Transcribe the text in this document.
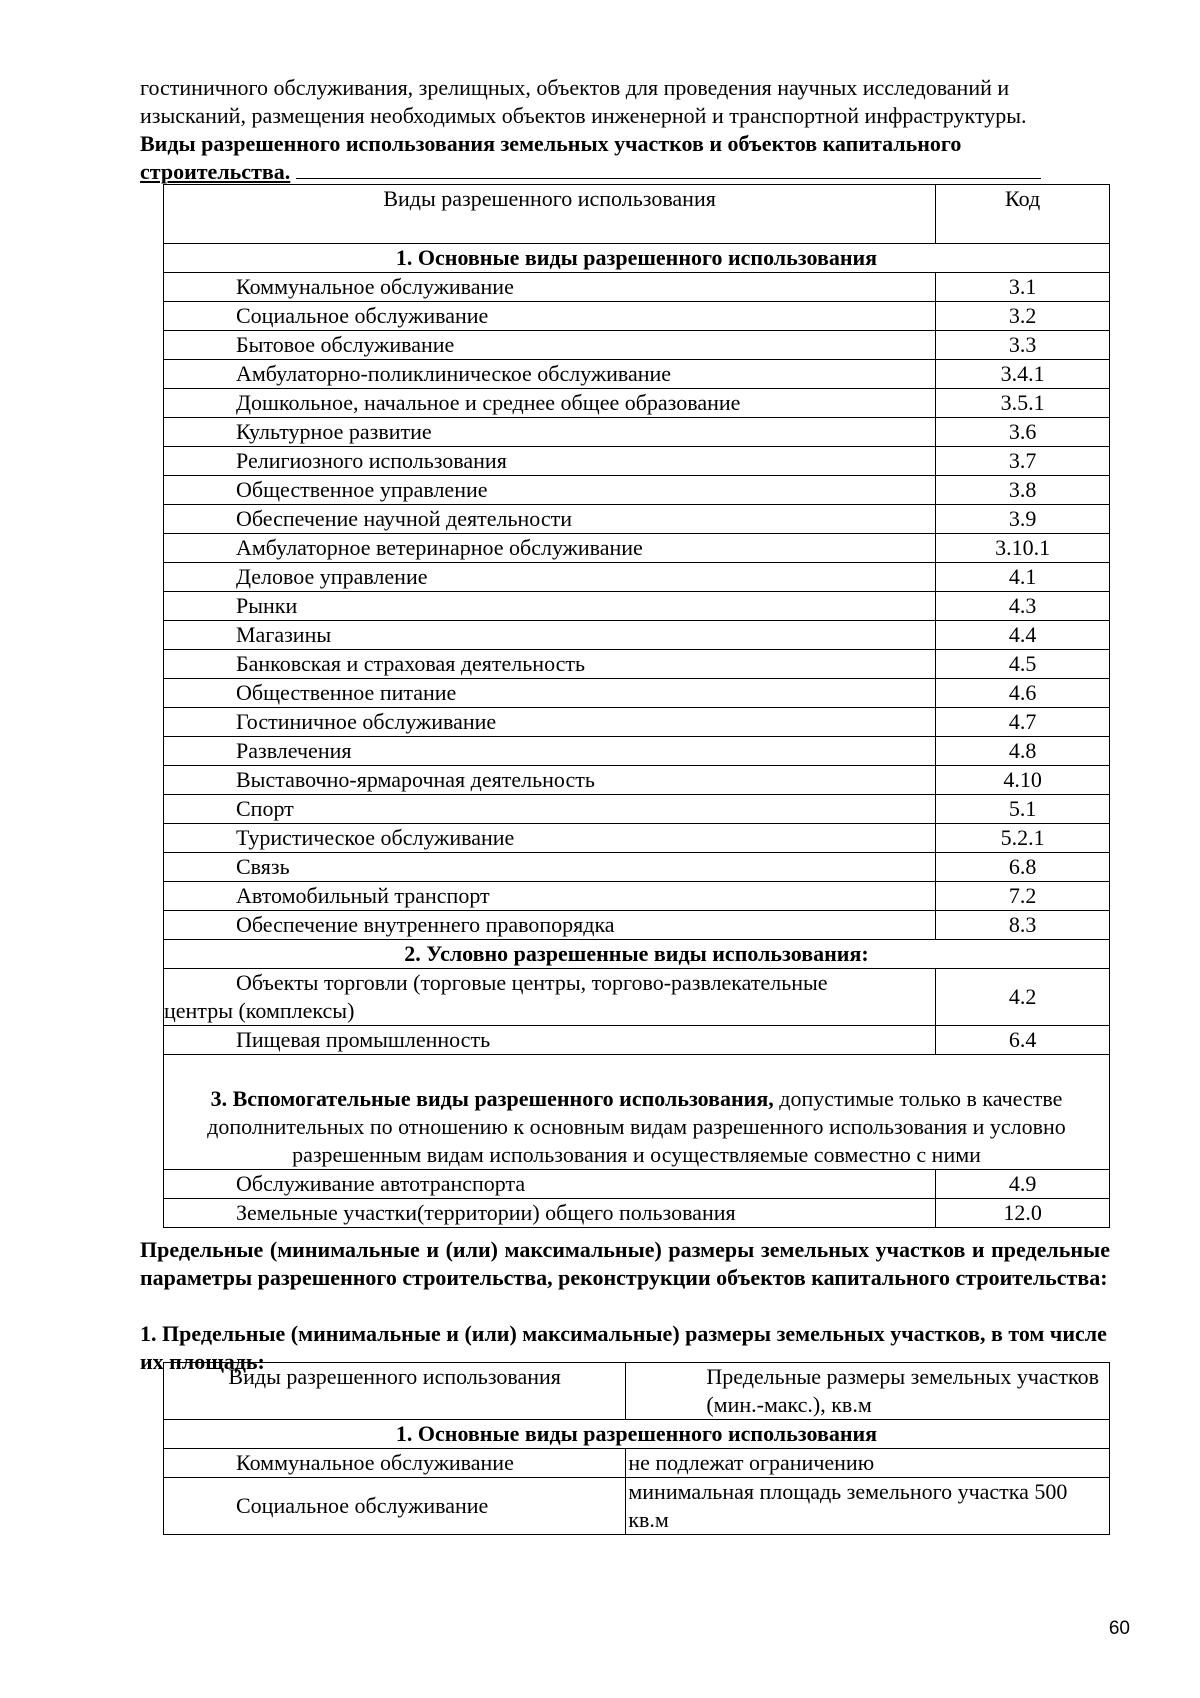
гостиничного обслуживания, зрелищных, объектов для проведения научных исследований и изысканий, размещения необходимых объектов инженерной и транспортной инфраструктуры.

Виды разрешенного использования земельных участков и объектов капитального строительства.

Виды разрешенного использования	Код
1. Основные виды разрешенного использования	
Коммунальное обслуживание	3.1
Социальное обслуживание	3.2
Бытовое обслуживание	3.3
Амбулаторно-поликлиническое обслуживание	3.4.1
Дошкольное, начальное и среднее общее образование	3.5.1
Культурное развитие	3.6
Религиозного использования	3.7
Общественное управление	3.8
Обеспечение научной деятельности	3.9
Амбулаторное ветеринарное обслуживание	3.10.1
Деловое управление	4.1
Рынки	4.3
Магазины	4.4
Банковская и страховая деятельность	4.5
Общественное питание	4.6
Гостиничное обслуживание	4.7
Развлечения	4.8
Выставочно-ярмарочная деятельность	4.10
Спорт	5.1
Туристическое обслуживание	5.2.1
Связь	6.8
Автомобильный транспорт	7.2
Обеспечение внутреннего правопорядка	8.3
2. Условно разрешенные виды использования:	

Объекты торговли (торговые центры, торгово-развлекательные
центры (комплексы)	4.2
Пищевая промышленность	6.4
3. Вспомогательные виды разрешенного использования, допустимые только в качестве дополнительных по отношению к основным видам разрешенного использования и условно разрешенным видам использования и осуществляемые совместно с ними	
Обслуживание автотранспорта	4.9
Земельные участки(территории) общего пользования	12.0

Предельные (минимальные и (или) максимальные) размеры земельных участков и предельные параметры разрешенного строительства, реконструкции объектов капитального строительства:

1. Предельные (минимальные и (или) максимальные) размеры земельных участков, в том числе их площадь:

Виды разрешенного использования	Предельные размеры земельных участков (мин.-макс.), кв.м
1. Основные виды разрешенного использования	
Коммунальное обслуживание	не подлежат ограничению
Социальное обслуживание	минимальная площадь земельного участка 500 кв.м
60
